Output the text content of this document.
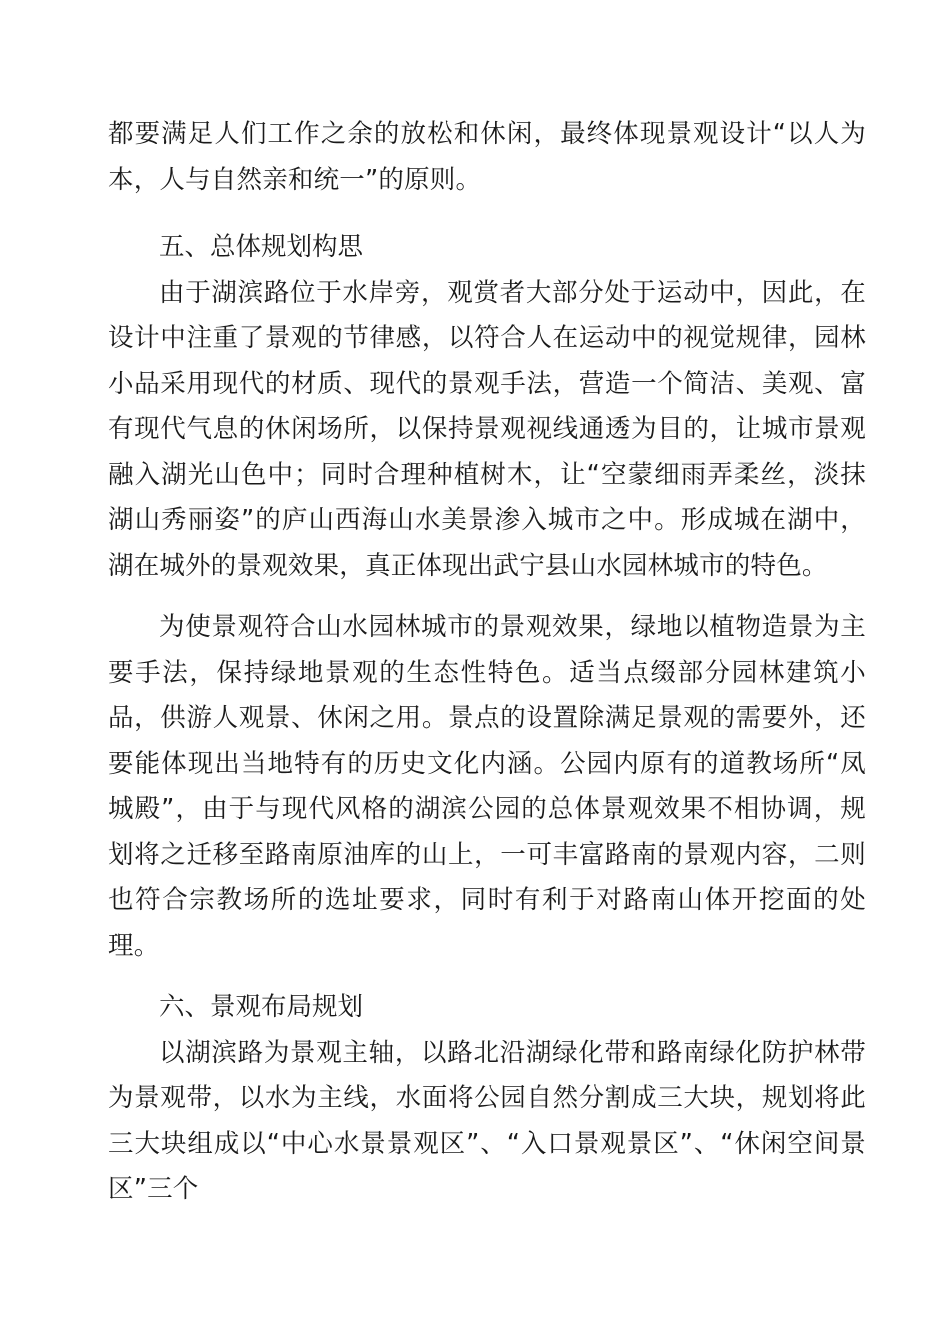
都要满足人们工作之余的放松和休闲，最终体现景观设计“以人为本，人与自然亲和统一”的原则。

五、总体规划构思

由于湖滨路位于水岸旁，观赏者大部分处于运动中，因此，在设计中注重了景观的节律感，以符合人在运动中的视觉规律，园林小品采用现代的材质、现代的景观手法，营造一个简洁、美观、富有现代气息的休闲场所，以保持景观视线通透为目的，让城市景观融入湖光山色中；同时合理种植树木，让“空蒙细雨弄柔丝，淡抹湖山秀丽姿”的庐山西海山水美景渗入城市之中。形成城在湖中，湖在城外的景观效果，真正体现出武宁县山水园林城市的特色。

为使景观符合山水园林城市的景观效果，绿地以植物造景为主要手法，保持绿地景观的生态性特色。适当点缀部分园林建筑小品，供游人观景、休闲之用。景点的设置除满足景观的需要外，还要能体现出当地特有的历史文化内涵。公园内原有的道教场所“凤城殿”，由于与现代风格的湖滨公园的总体景观效果不相协调，规划将之迁移至路南原油库的山上，一可丰富路南的景观内容，二则也符合宗教场所的选址要求，同时有利于对路南山体开挖面的处理。

六、景观布局规划

以湖滨路为景观主轴，以路北沿湖绿化带和路南绿化防护林带为景观带，以水为主线，水面将公园自然分割成三大块，规划将此三大块组成以“中心水景景观区”、“入口景观景区”、“休闲空间景区”三个
